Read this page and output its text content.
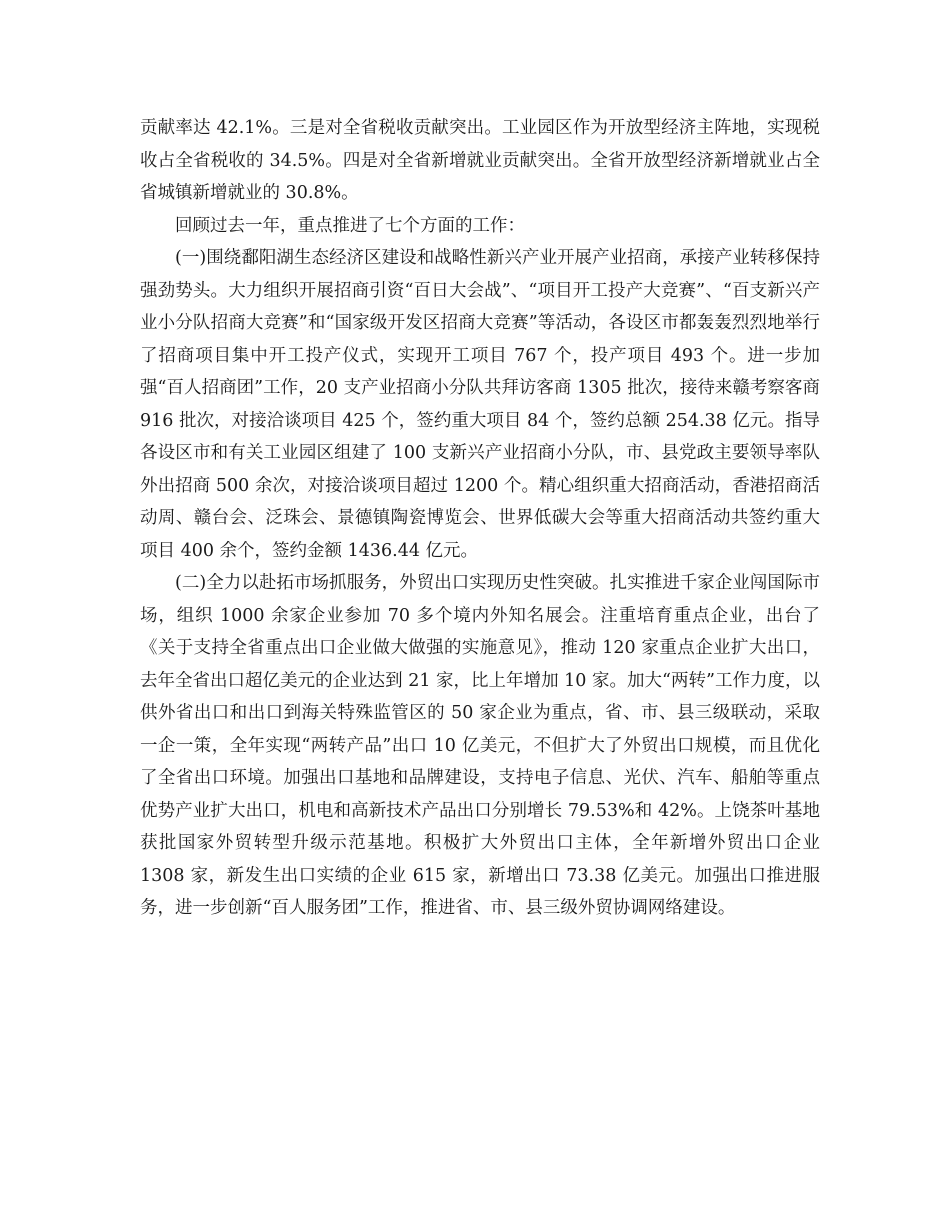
贡献率达 42.1%。三是对全省税收贡献突出。工业园区作为开放型经济主阵地，实现税收占全省税收的 34.5%。四是对全省新增就业贡献突出。全省开放型经济新增就业占全省城镇新增就业的 30.8%。

回顾过去一年，重点推进了七个方面的工作：

(一)围绕鄱阳湖生态经济区建设和战略性新兴产业开展产业招商，承接产业转移保持强劲势头。大力组织开展招商引资“百日大会战”、“项目开工投产大竞赛”、“百支新兴产业小分队招商大竞赛”和“国家级开发区招商大竞赛”等活动，各设区市都轰轰烈烈地举行了招商项目集中开工投产仪式，实现开工项目 767 个，投产项目 493 个。进一步加强“百人招商团”工作，20 支产业招商小分队共拜访客商 1305 批次，接待来赣考察客商 916 批次，对接洽谈项目 425 个，签约重大项目 84 个，签约总额 254.38 亿元。指导各设区市和有关工业园区组建了 100 支新兴产业招商小分队，市、县党政主要领导率队外出招商 500 余次，对接洽谈项目超过 1200 个。精心组织重大招商活动，香港招商活动周、赣台会、泛珠会、景德镇陶瓷博览会、世界低碳大会等重大招商活动共签约重大项目 400 余个，签约金额 1436.44 亿元。

(二)全力以赴拓市场抓服务，外贸出口实现历史性突破。扎实推进千家企业闯国际市场，组织 1000 余家企业参加 70 多个境内外知名展会。注重培育重点企业，出台了《关于支持全省重点出口企业做大做强的实施意见》，推动 120 家重点企业扩大出口，去年全省出口超亿美元的企业达到 21 家，比上年增加 10 家。加大“两转”工作力度，以供外省出口和出口到海关特殊监管区的 50 家企业为重点，省、市、县三级联动，采取一企一策，全年实现“两转产品”出口 10 亿美元，不但扩大了外贸出口规模，而且优化了全省出口环境。加强出口基地和品牌建设，支持电子信息、光伏、汽车、船舶等重点优势产业扩大出口，机电和高新技术产品出口分别增长 79.53%和 42%。上饶茶叶基地获批国家外贸转型升级示范基地。积极扩大外贸出口主体，全年新增外贸出口企业 1308 家，新发生出口实绩的企业 615 家，新增出口 73.38 亿美元。加强出口推进服务，进一步创新“百人服务团”工作，推进省、市、县三级外贸协调网络建设。
